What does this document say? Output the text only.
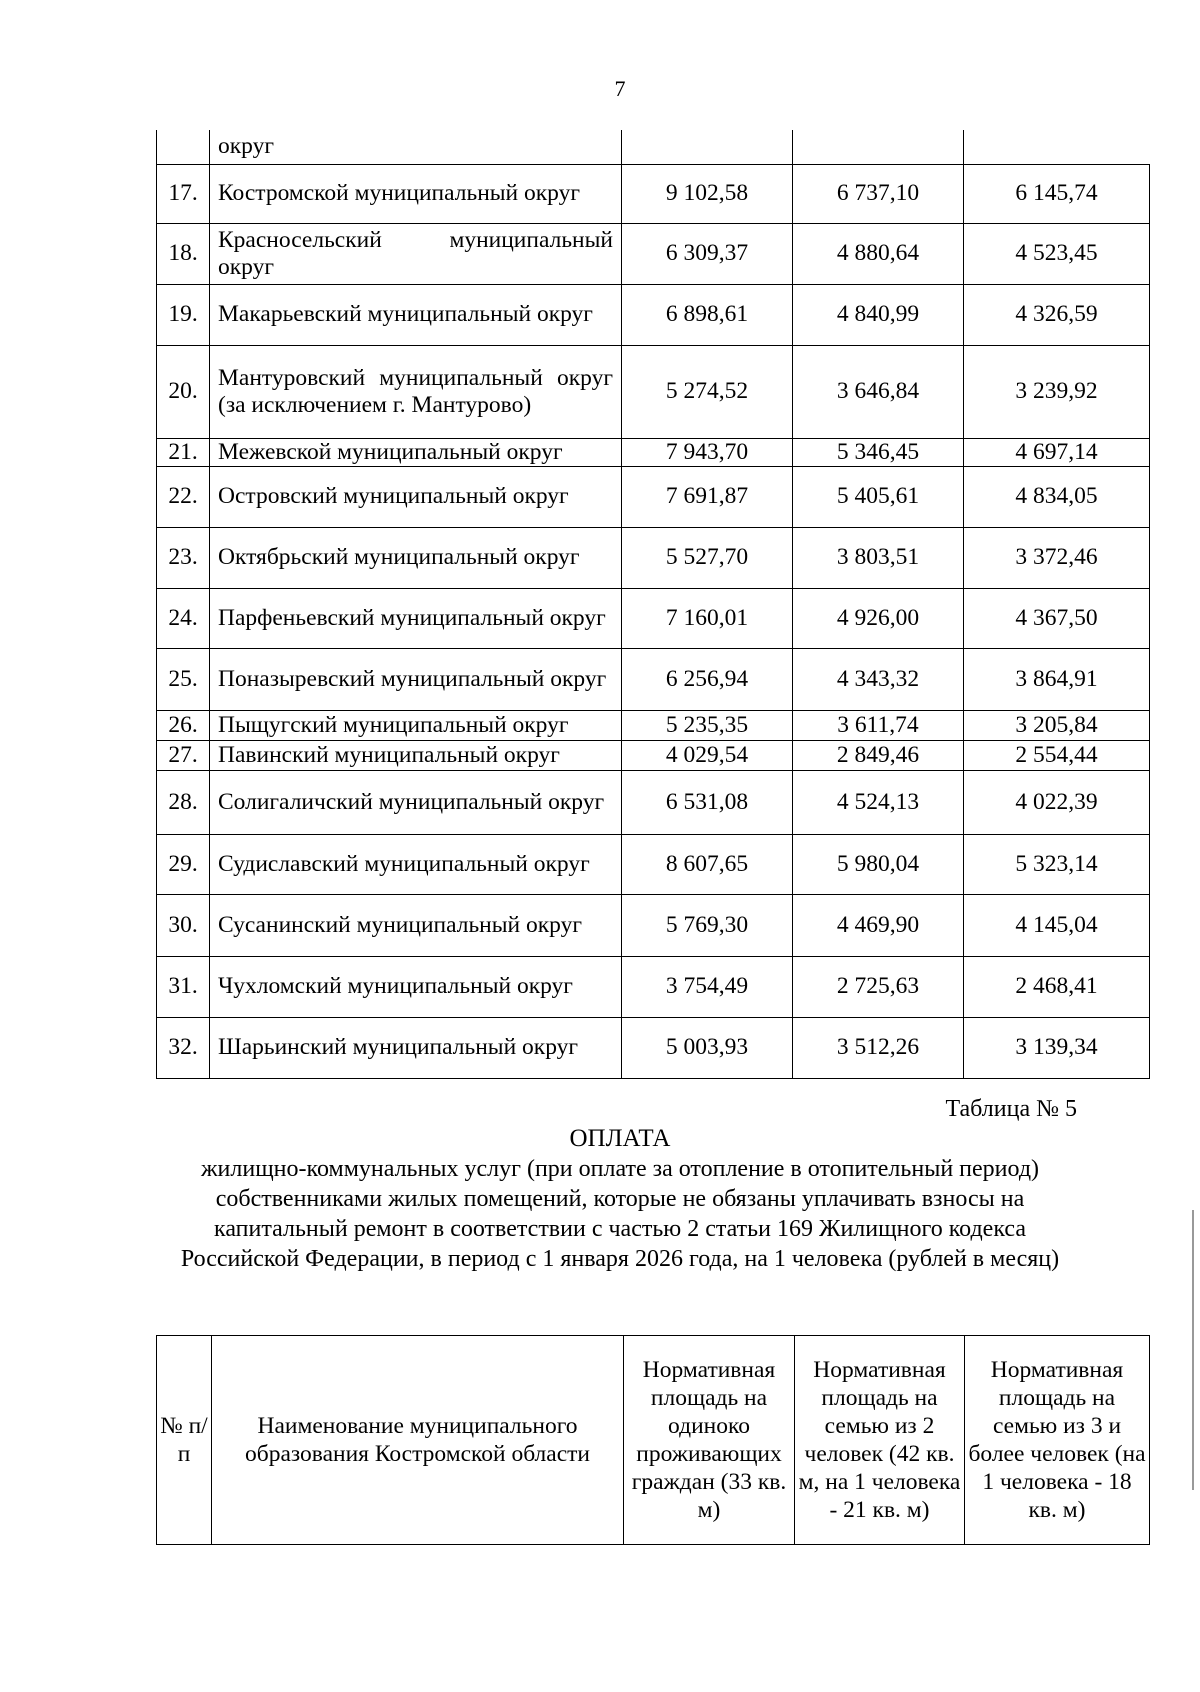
7
	округ			
17.	Костромской муниципальный округ	9 102,58	6 737,10	6 145,74
18.	Красносельский муниципальный округ	6 309,37	4 880,64	4 523,45
19.	Макарьевский муниципальный округ	6 898,61	4 840,99	4 326,59
20.	Мантуровский муниципальный округ (за исключением г. Мантурово)	5 274,52	3 646,84	3 239,92
21.	Межевской муниципальный округ	7 943,70	5 346,45	4 697,14
22.	Островский муниципальный округ	7 691,87	5 405,61	4 834,05
23.	Октябрьский муниципальный округ	5 527,70	3 803,51	3 372,46
24.	Парфеньевский муниципальный округ	7 160,01	4 926,00	4 367,50
25.	Поназыревский муниципальный округ	6 256,94	4 343,32	3 864,91
26.	Пыщугский муниципальный округ	5 235,35	3 611,74	3 205,84
27.	Павинский муниципальный округ	4 029,54	2 849,46	2 554,44
28.	Солигаличский муниципальный округ	6 531,08	4 524,13	4 022,39
29.	Судиславский муниципальный округ	8 607,65	5 980,04	5 323,14
30.	Сусанинский муниципальный округ	5 769,30	4 469,90	4 145,04
31.	Чухломский муниципальный округ	3 754,49	2 725,63	2 468,41
32.	Шарьинский муниципальный округ	5 003,93	3 512,26	3 139,34
Таблица № 5
ОПЛАТА
жилищно-коммунальных услуг (при оплате за отопление в отопительный период) собственниками жилых помещений, которые не обязаны уплачивать взносы на капитальный ремонт в соответствии с частью 2 статьи 169 Жилищного кодекса Российской Федерации, в период с 1 января 2026 года, на 1 человека (рублей в месяц)
№ п/ п	Наименование муниципального образования Костромской области	Нормативная площадь на одиноко проживающих граждан (33 кв. м)	Нормативная площадь на семью из 2 человек (42 кв. м, на 1 человека - 21 кв. м)	Нормативная площадь на семью из 3 и более человек (на 1 человека - 18 кв. м)
